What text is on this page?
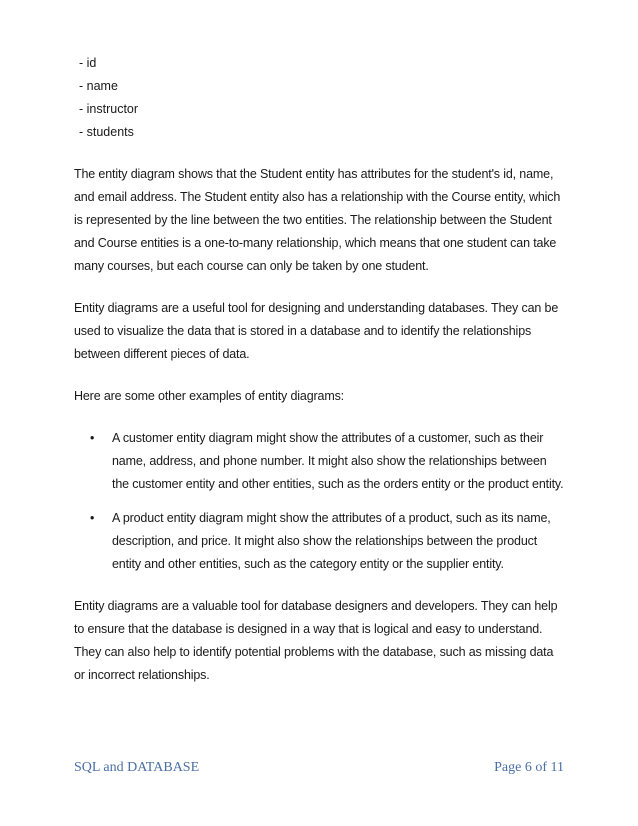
- id
- name
- instructor
- students

The entity diagram shows that the Student entity has attributes for the student's id, name, and email address. The Student entity also has a relationship with the Course entity, which is represented by the line between the two entities. The relationship between the Student and Course entities is a one-to-many relationship, which means that one student can take many courses, but each course can only be taken by one student.

Entity diagrams are a useful tool for designing and understanding databases. They can be used to visualize the data that is stored in a database and to identify the relationships between different pieces of data.

Here are some other examples of entity diagrams:

• A customer entity diagram might show the attributes of a customer, such as their name, address, and phone number. It might also show the relationships between the customer entity and other entities, such as the orders entity or the product entity.
• A product entity diagram might show the attributes of a product, such as its name, description, and price. It might also show the relationships between the product entity and other entities, such as the category entity or the supplier entity.

Entity diagrams are a valuable tool for database designers and developers. They can help to ensure that the database is designed in a way that is logical and easy to understand. They can also help to identify potential problems with the database, such as missing data or incorrect relationships.

SQL and DATABASE	Page 6 of 11
